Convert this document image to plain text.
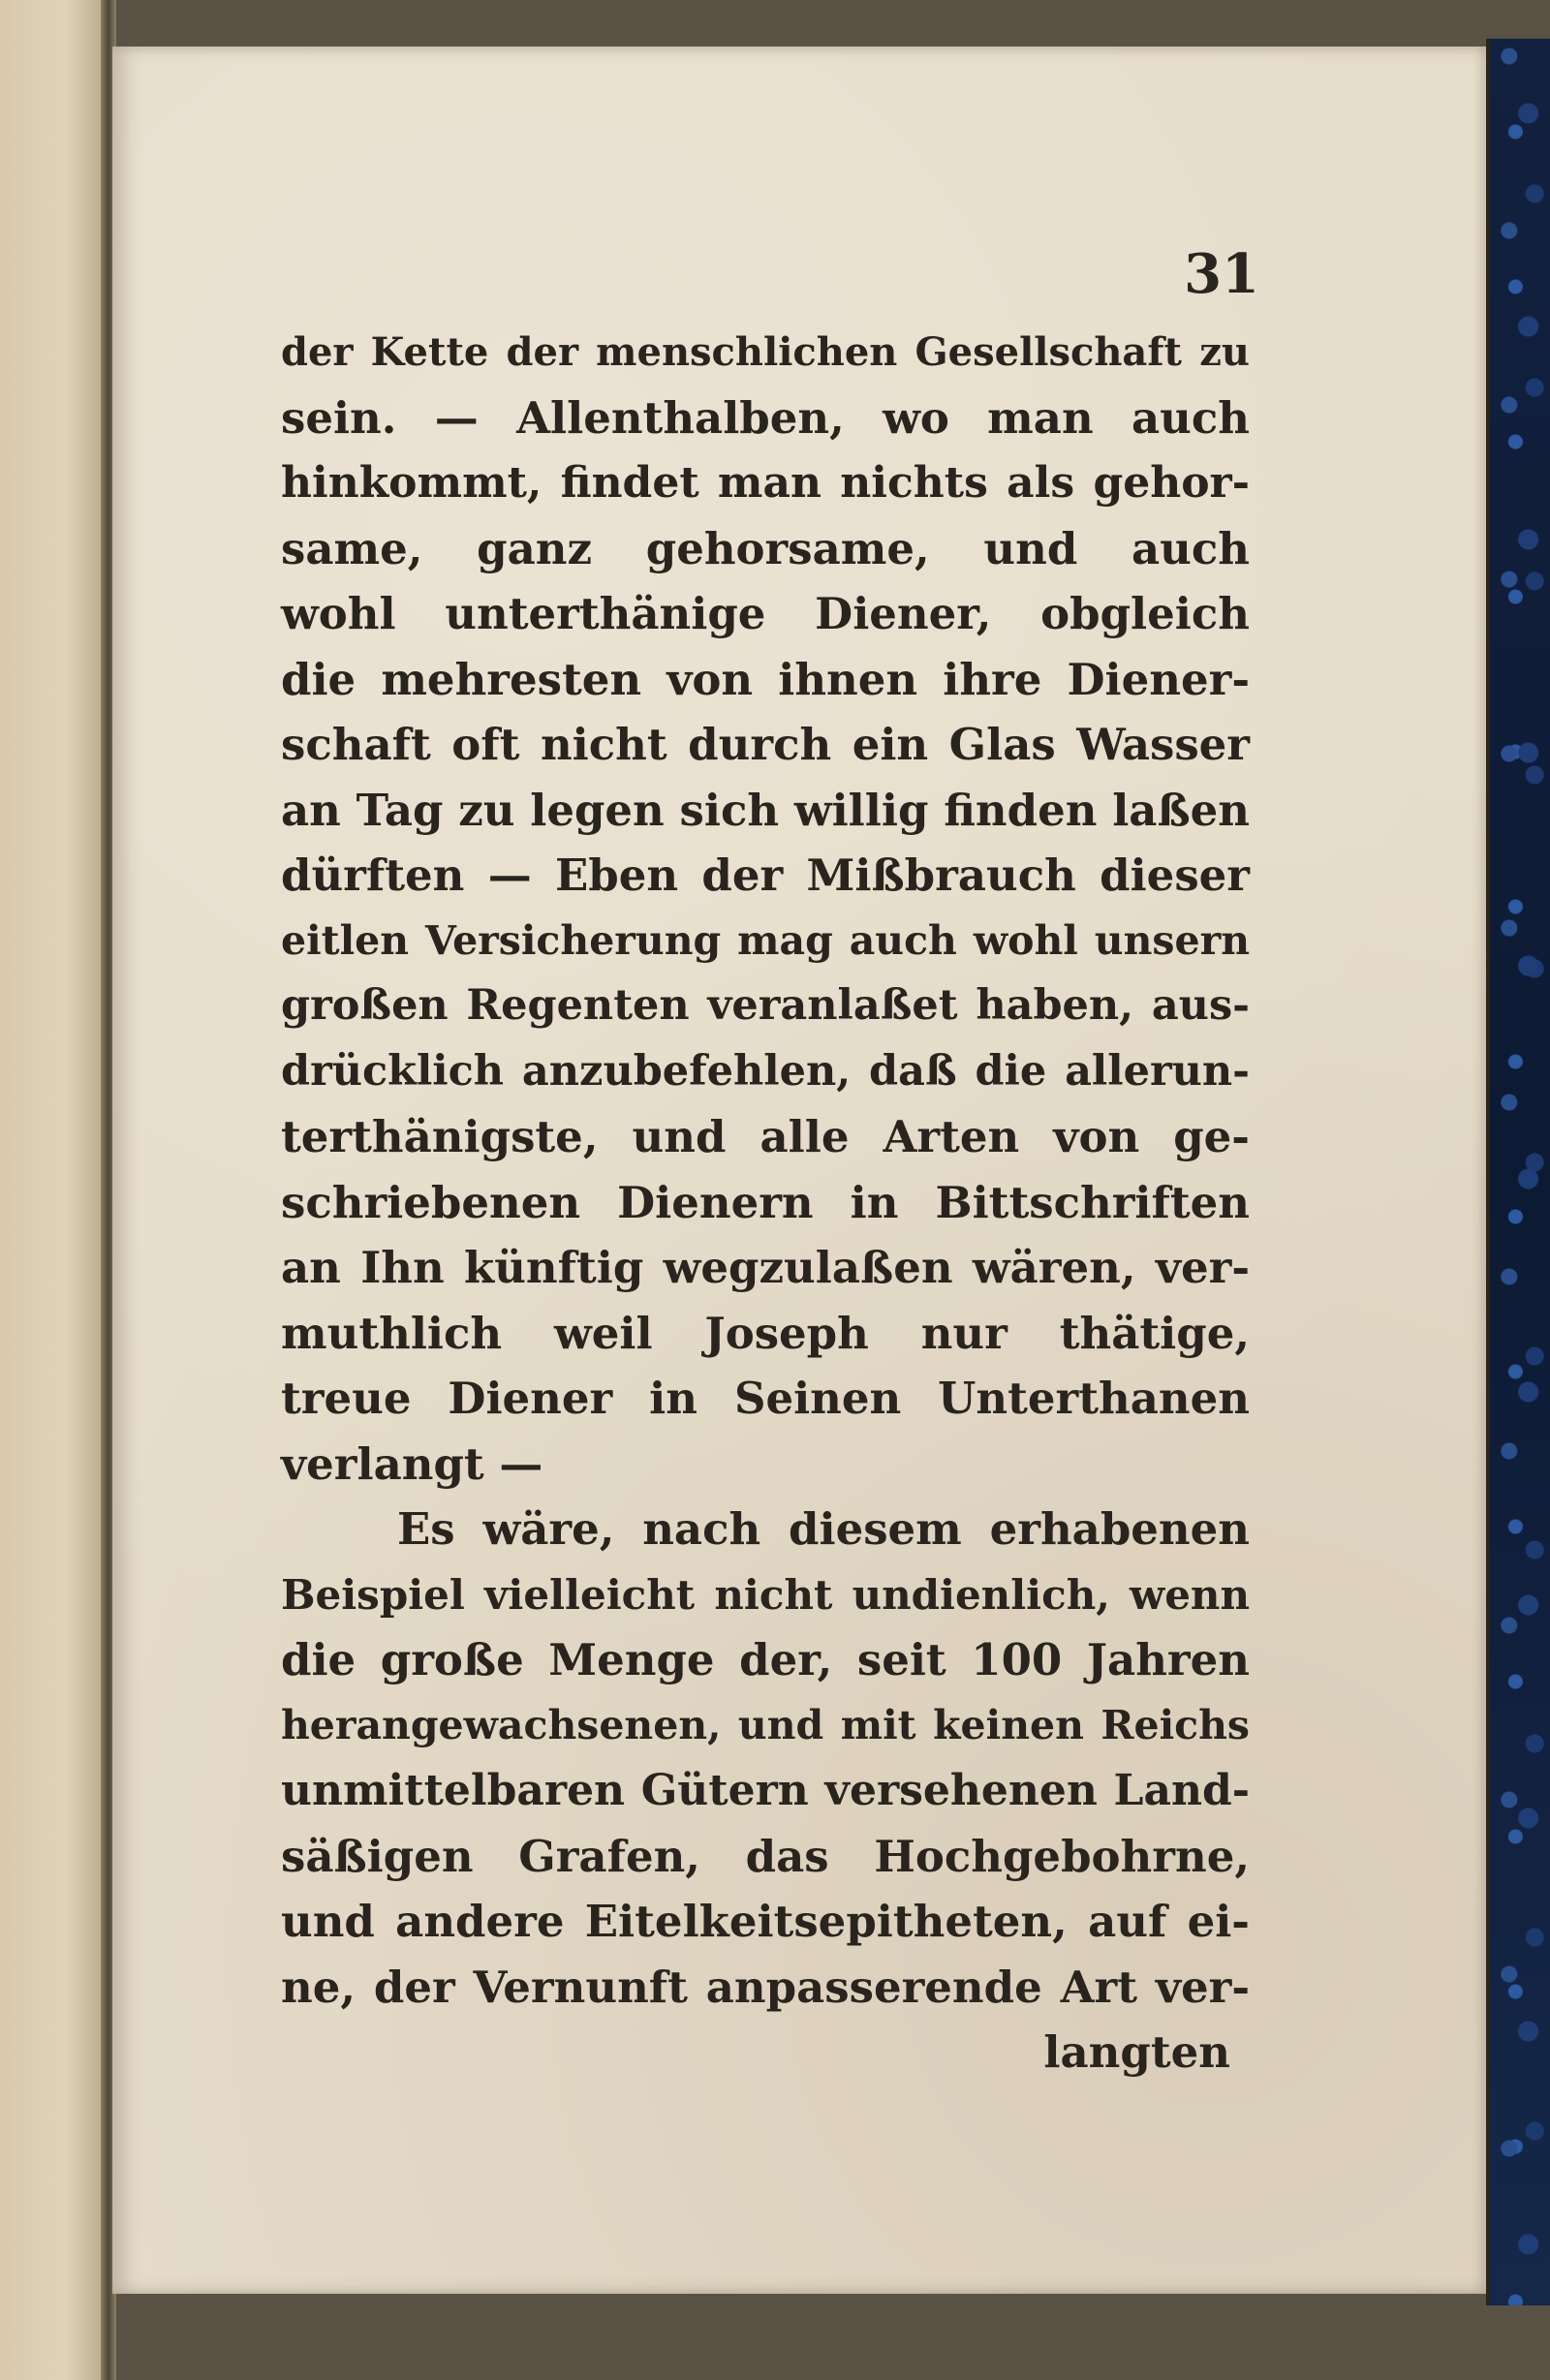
31
der Kette der menschlichen Gesellschaft zu
sein. — Allenthalben, wo man auch
hinkommt, findet man nichts als gehor-
same, ganz gehorsame, und auch
wohl unterthänige Diener, obgleich
die mehresten von ihnen ihre Diener-
schaft oft nicht durch ein Glas Wasser
an Tag zu legen sich willig finden laßen
dürften — Eben der Mißbrauch dieser
eitlen Versicherung mag auch wohl unsern
großen Regenten veranlaßet haben, aus-
drücklich anzubefehlen, daß die allerun-
terthänigste, und alle Arten von ge-
schriebenen Dienern in Bittschriften
an Ihn künftig wegzulaßen wären, ver-
muthlich weil Joseph nur thätige,
treue Diener in Seinen Unterthanen
verlangt —
Es wäre, nach diesem erhabenen
Beispiel vielleicht nicht undienlich, wenn
die große Menge der, seit 100 Jahren
herangewachsenen, und mit keinen Reichs
unmittelbaren Gütern versehenen Land-
säßigen Grafen, das Hochgebohrne,
und andere Eitelkeitsepitheten, auf ei-
ne, der Vernunft anpasserende Art ver-
langten
